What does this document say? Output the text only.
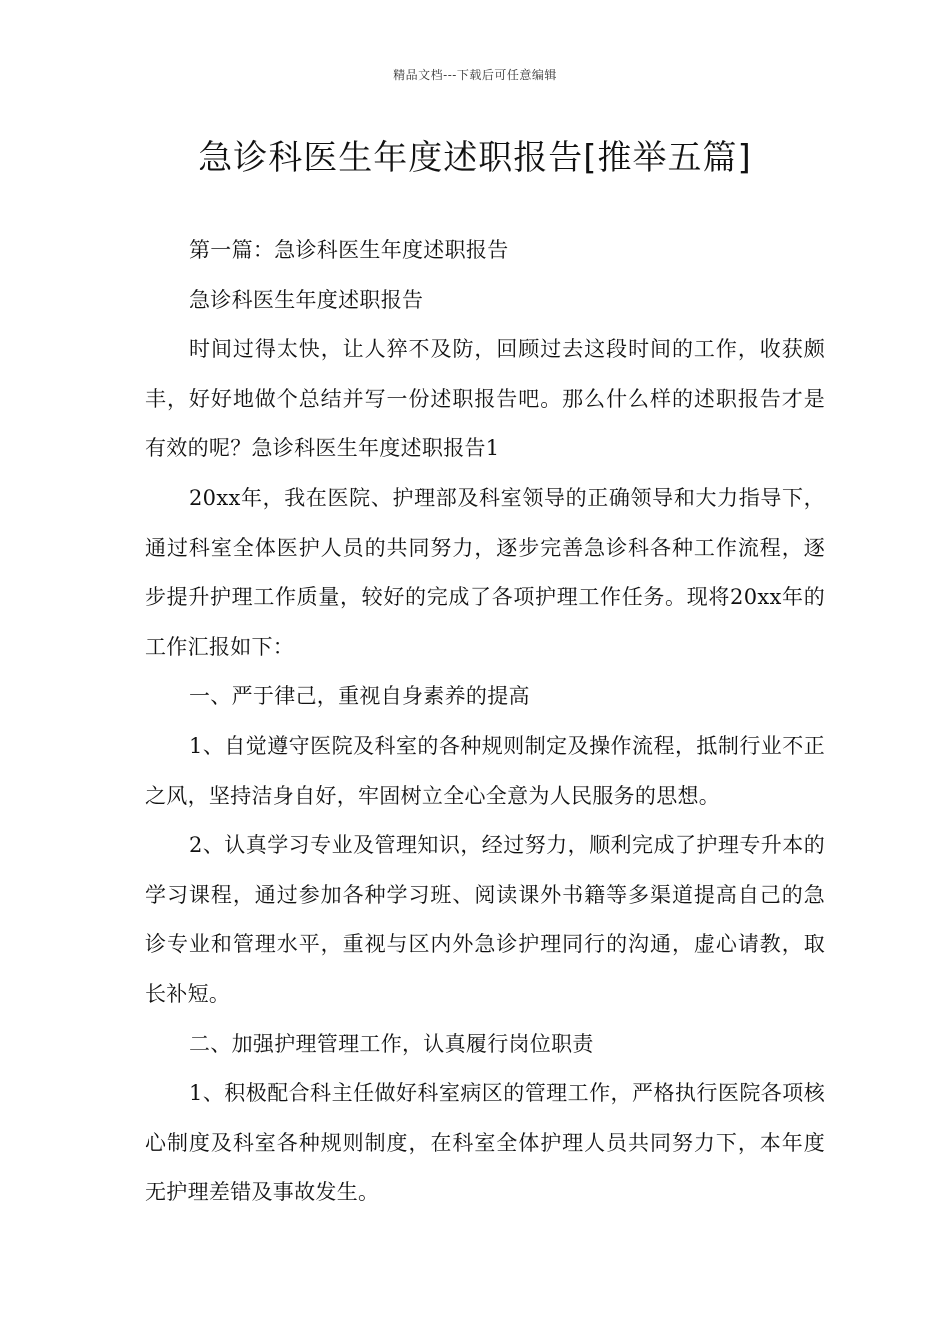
精品文档---下载后可任意编辑
急诊科医生年度述职报告[推举五篇]

第一篇：急诊科医生年度述职报告

急诊科医生年度述职报告

时间过得太快，让人猝不及防，回顾过去这段时间的工作，收获颇丰，好好地做个总结并写一份述职报告吧。那么什么样的述职报告才是有效的呢？急诊科医生年度述职报告1

20xx年，我在医院、护理部及科室领导的正确领导和大力指导下，通过科室全体医护人员的共同努力，逐步完善急诊科各种工作流程，逐步提升护理工作质量，较好的完成了各项护理工作任务。现将20xx年的工作汇报如下：

一、严于律己，重视自身素养的提高

1、自觉遵守医院及科室的各种规则制定及操作流程，抵制行业不正之风，坚持洁身自好，牢固树立全心全意为人民服务的思想。

2、认真学习专业及管理知识，经过努力，顺利完成了护理专升本的学习课程，通过参加各种学习班、阅读课外书籍等多渠道提高自己的急诊专业和管理水平，重视与区内外急诊护理同行的沟通，虚心请教，取长补短。

二、加强护理管理工作，认真履行岗位职责

1、积极配合科主任做好科室病区的管理工作，严格执行医院各项核心制度及科室各种规则制度，在科室全体护理人员共同努力下，本年度无护理差错及事故发生。
